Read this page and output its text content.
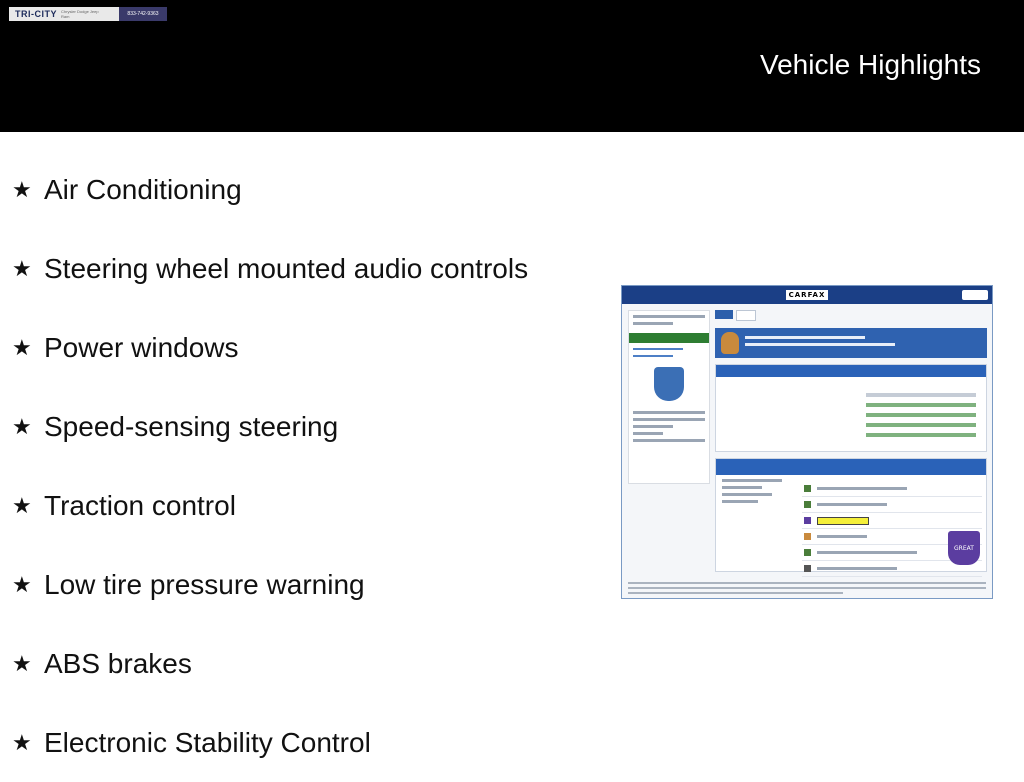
TRI-CITY Chrysler Dodge Jeep Ram	833-742-9363
Vehicle Highlights
★ Air Conditioning
★ Steering wheel mounted audio controls
★ Power windows
★ Speed-sensing steering
★ Traction control
★ Low tire pressure warning
★ ABS brakes
★ Electronic Stability Control
CARFAX
GREAT
